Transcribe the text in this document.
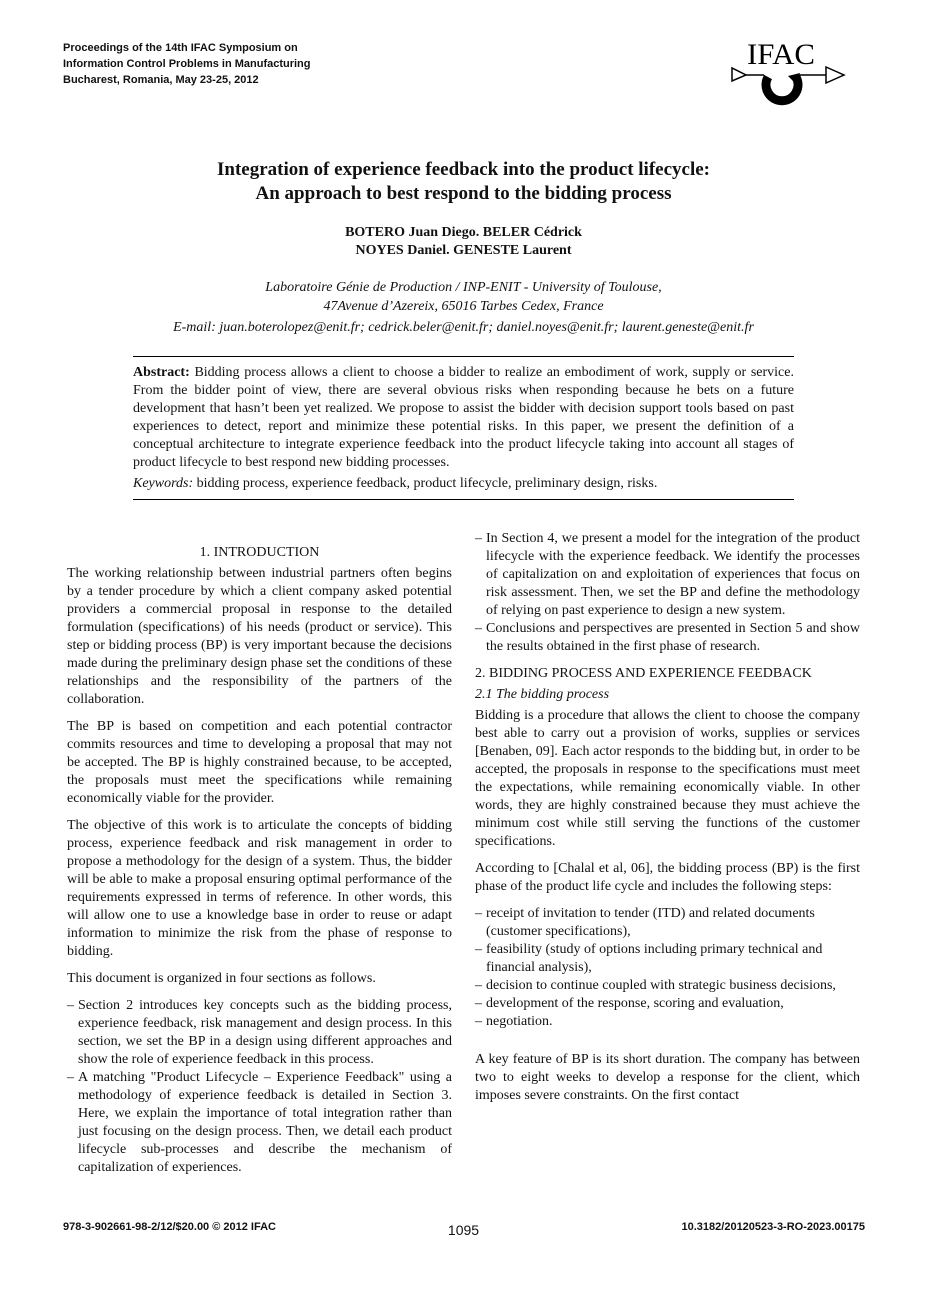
Proceedings of the 14th IFAC Symposium on
Information Control Problems in Manufacturing
Bucharest, Romania, May 23-25, 2012
IFAC
Integration of experience feedback into the product lifecycle:
An approach to best respond to the bidding process
BOTERO Juan Diego. BELER Cédrick
NOYES Daniel. GENESTE Laurent
Laboratoire Génie de Production / INP-ENIT - University of Toulouse,
47Avenue d’Azereix, 65016 Tarbes Cedex, France
E-mail: juan.boterolopez@enit.fr; cedrick.beler@enit.fr; daniel.noyes@enit.fr; laurent.geneste@enit.fr

Abstract: Bidding process allows a client to choose a bidder to realize an embodiment of work, supply or service. From the bidder point of view, there are several obvious risks when responding because he bets on a future development that hasn’t been yet realized. We propose to assist the bidder with decision support tools based on past experiences to detect, report and minimize these potential risks. In this paper, we present the definition of a conceptual architecture to integrate experience feedback into the product lifecycle taking into account all stages of product lifecycle to best respond new bidding processes.

Keywords: bidding process, experience feedback, product lifecycle, preliminary design, risks.

1. INTRODUCTION

The working relationship between industrial partners often begins by a tender procedure by which a client company asked potential providers a commercial proposal in response to the detailed formulation (specifications) of his needs (product or service). This step or bidding process (BP) is very important because the decisions made during the preliminary design phase set the conditions of these relationships and the responsibility of the partners of the collaboration.

The BP is based on competition and each potential contractor commits resources and time to developing a proposal that may not be accepted. The BP is highly constrained because, to be accepted, the proposals must meet the specifications while remaining economically viable for the provider.

The objective of this work is to articulate the concepts of bidding process, experience feedback and risk management in order to propose a methodology for the design of a system. Thus, the bidder will be able to make a proposal ensuring optimal performance of the requirements expressed in terms of reference. In other words, this will allow one to use a knowledge base in order to reuse or adapt information to minimize the risk from the phase of response to bidding.

This document is organized in four sections as follows.

– Section 2 introduces key concepts such as the bidding process, experience feedback, risk management and design process. In this section, we set the BP in a design using different approaches and show the role of experience feedback in this process.
– A matching "Product Lifecycle – Experience Feedback" using a methodology of experience feedback is detailed in Section 3. Here, we explain the importance of total integration rather than just focusing on the design process. Then, we detail each product lifecycle sub-processes and describe the mechanism of capitalization of experiences.
– In Section 4, we present a model for the integration of the product lifecycle with the experience feedback. We identify the processes of capitalization on and exploitation of experiences that focus on risk assessment. Then, we set the BP and define the methodology of relying on past experience to design a new system.
– Conclusions and perspectives are presented in Section 5 and show the results obtained in the first phase of research.
2. BIDDING PROCESS AND EXPERIENCE FEEDBACK
2.1 The bidding process

Bidding is a procedure that allows the client to choose the company best able to carry out a provision of works, supplies or services [Benaben, 09]. Each actor responds to the bidding but, in order to be accepted, the proposals in response to the specifications must meet the expectations, while remaining economically viable. In other words, they are highly constrained because they must achieve the minimum cost while still serving the functions of the customer specifications.

According to [Chalal et al, 06], the bidding process (BP) is the first phase of the product life cycle and includes the following steps:

– receipt of invitation to tender (ITD) and related documents (customer specifications),
– feasibility (study of options including primary technical and financial analysis),
– decision to continue coupled with strategic business decisions,
– development of the response, scoring and evaluation,
– negotiation.

A key feature of BP is its short duration. The company has between two to eight weeks to develop a response for the client, which imposes severe constraints. On the first contact

978-3-902661-98-2/12/$20.00 © 2012 IFAC	1095	10.3182/20120523-3-RO-2023.00175
